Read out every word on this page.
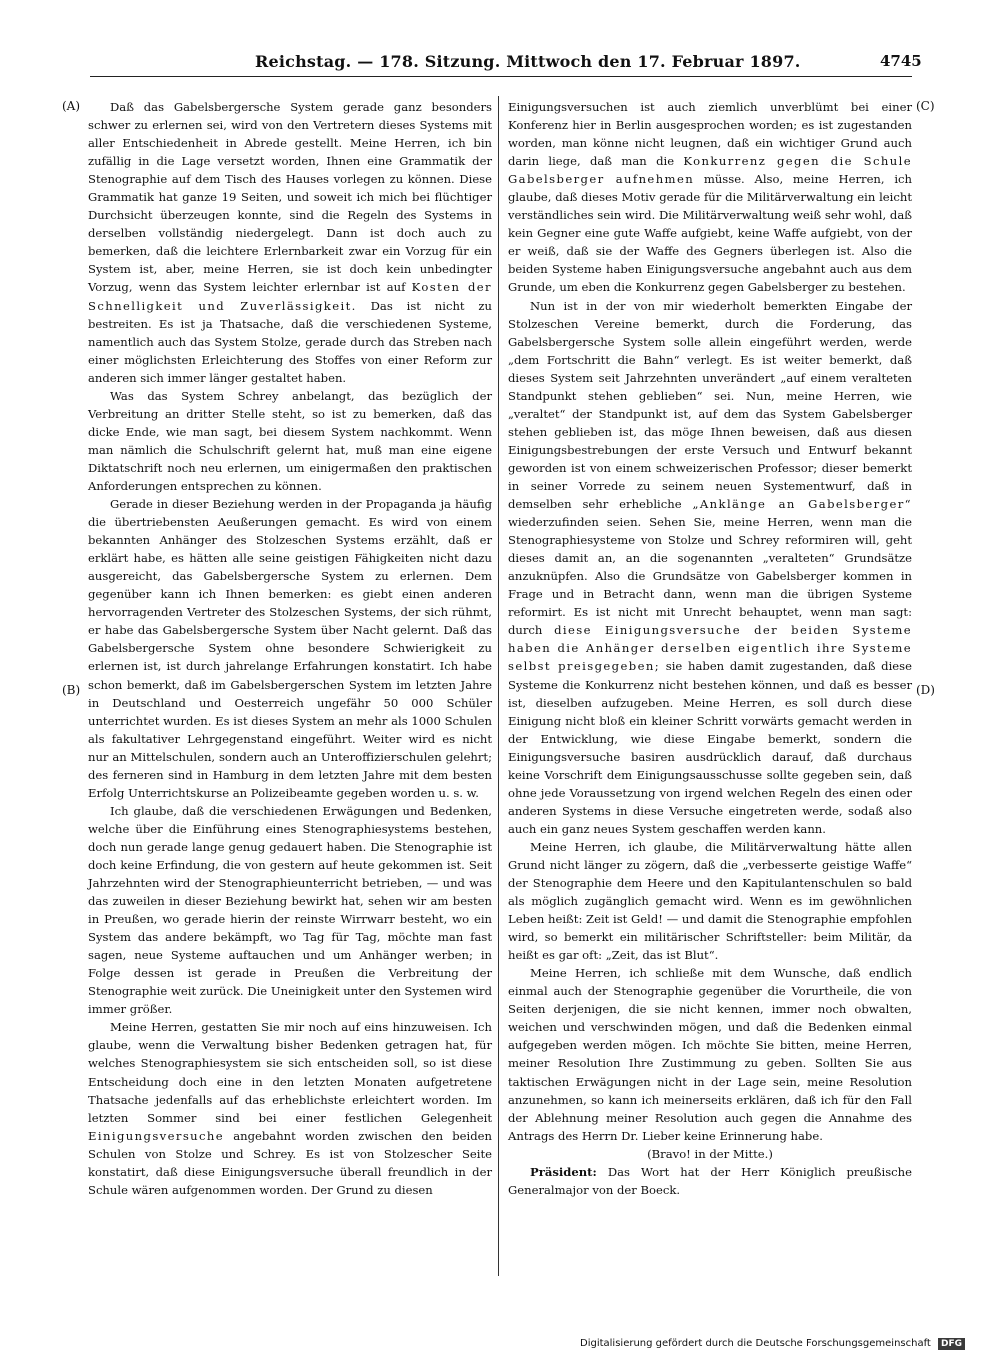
Reichstag. — 178. Sitzung. Mittwoch den 17. Februar 1897.	4745
(A)
(B)
(C)
(D)

Daß das Gabelsbergersche System gerade ganz besonders schwer zu erlernen sei, wird von den Vertretern dieses Systems mit aller Entschiedenheit in Abrede gestellt. Meine Herren, ich bin zufällig in die Lage versetzt worden, Ihnen eine Grammatik der Stenographie auf dem Tisch des Hauses vorlegen zu können. Diese Grammatik hat ganze 19 Seiten, und soweit ich mich bei flüchtiger Durchsicht überzeugen konnte, sind die Regeln des Systems in derselben vollständig niedergelegt. Dann ist doch auch zu bemerken, daß die leichtere Erlernbarkeit zwar ein Vorzug für ein System ist, aber, meine Herren, sie ist doch kein unbedingter Vorzug, wenn das System leichter erlernbar ist auf Kosten der Schnelligkeit und Zuverlässigkeit. Das ist nicht zu bestreiten. Es ist ja Thatsache, daß die verschiedenen Systeme, namentlich auch das System Stolze, gerade durch das Streben nach einer möglichsten Erleichterung des Stoffes von einer Reform zur anderen sich immer länger gestaltet haben.

Was das System Schrey anbelangt, das bezüglich der Verbreitung an dritter Stelle steht, so ist zu bemerken, daß das dicke Ende, wie man sagt, bei diesem System nachkommt. Wenn man nämlich die Schulschrift gelernt hat, muß man eine eigene Diktatschrift noch neu erlernen, um einigermaßen den praktischen Anforderungen entsprechen zu können.

Gerade in dieser Beziehung werden in der Propaganda ja häufig die übertriebensten Aeußerungen gemacht. Es wird von einem bekannten Anhänger des Stolzeschen Systems erzählt, daß er erklärt habe, es hätten alle seine geistigen Fähigkeiten nicht dazu ausgereicht, das Gabelsbergersche System zu erlernen. Dem gegenüber kann ich Ihnen bemerken: es giebt einen anderen hervorragenden Vertreter des Stolzeschen Systems, der sich rühmt, er habe das Gabelsbergersche System über Nacht gelernt. Daß das Gabelsbergersche System ohne besondere Schwierigkeit zu erlernen ist, ist durch jahrelange Erfahrungen konstatirt. Ich habe schon bemerkt, daß im Gabelsbergerschen System im letzten Jahre in Deutschland und Oesterreich ungefähr 50 000 Schüler unterrichtet wurden. Es ist dieses System an mehr als 1000 Schulen als fakultativer Lehrgegenstand eingeführt. Weiter wird es nicht nur an Mittelschulen, sondern auch an Unteroffizierschulen gelehrt; des ferneren sind in Hamburg in dem letzten Jahre mit dem besten Erfolg Unterrichtskurse an Polizeibeamte gegeben worden u. s. w.

Ich glaube, daß die verschiedenen Erwägungen und Bedenken, welche über die Einführung eines Stenographiesystems bestehen, doch nun gerade lange genug gedauert haben. Die Stenographie ist doch keine Erfindung, die von gestern auf heute gekommen ist. Seit Jahrzehnten wird der Stenographieunterricht betrieben, — und was das zuweilen in dieser Beziehung bewirkt hat, sehen wir am besten in Preußen, wo gerade hierin der reinste Wirrwarr besteht, wo ein System das andere bekämpft, wo Tag für Tag, möchte man fast sagen, neue Systeme auftauchen und um Anhänger werben; in Folge dessen ist gerade in Preußen die Verbreitung der Stenographie weit zurück. Die Uneinigkeit unter den Systemen wird immer größer.

Meine Herren, gestatten Sie mir noch auf eins hinzuweisen. Ich glaube, wenn die Verwaltung bisher Bedenken getragen hat, für welches Stenographiesystem sie sich entscheiden soll, so ist diese Entscheidung doch eine in den letzten Monaten aufgetretene Thatsache jedenfalls auf das erheblichste erleichtert worden. Im letzten Sommer sind bei einer festlichen Gelegenheit Einigungsversuche angebahnt worden zwischen den beiden Schulen von Stolze und Schrey. Es ist von Stolzescher Seite konstatirt, daß diese Einigungsversuche überall freundlich in der Schule wären aufgenommen worden. Der Grund zu diesen

Einigungsversuchen ist auch ziemlich unverblümt bei einer Konferenz hier in Berlin ausgesprochen worden; es ist zugestanden worden, man könne nicht leugnen, daß ein wichtiger Grund auch darin liege, daß man die Konkurrenz gegen die Schule Gabelsberger aufnehmen müsse. Also, meine Herren, ich glaube, daß dieses Motiv gerade für die Militärverwaltung ein leicht verständliches sein wird. Die Militärverwaltung weiß sehr wohl, daß kein Gegner eine gute Waffe aufgiebt, keine Waffe aufgiebt, von der er weiß, daß sie der Waffe des Gegners überlegen ist. Also die beiden Systeme haben Einigungsversuche angebahnt auch aus dem Grunde, um eben die Konkurrenz gegen Gabelsberger zu bestehen.

Nun ist in der von mir wiederholt bemerkten Eingabe der Stolzeschen Vereine bemerkt, durch die Forderung, das Gabelsbergersche System solle allein eingeführt werden, werde „dem Fortschritt die Bahn“ verlegt. Es ist weiter bemerkt, daß dieses System seit Jahrzehnten unverändert „auf einem veralteten Standpunkt stehen geblieben“ sei. Nun, meine Herren, wie „veraltet“ der Standpunkt ist, auf dem das System Gabelsberger stehen geblieben ist, das möge Ihnen beweisen, daß aus diesen Einigungsbestrebungen der erste Versuch und Entwurf bekannt geworden ist von einem schweizerischen Professor; dieser bemerkt in seiner Vorrede zu seinem neuen Systementwurf, daß in demselben sehr erhebliche „Anklänge an Gabelsberger“ wiederzufinden seien. Sehen Sie, meine Herren, wenn man die Stenographiesysteme von Stolze und Schrey reformiren will, geht dieses damit an, an die sogenannten „veralteten“ Grundsätze anzuknüpfen. Also die Grundsätze von Gabelsberger kommen in Frage und in Betracht dann, wenn man die übrigen Systeme reformirt. Es ist nicht mit Unrecht behauptet, wenn man sagt: durch diese Einigungsversuche der beiden Systeme haben die Anhänger derselben eigentlich ihre Systeme selbst preisgegeben; sie haben damit zugestanden, daß diese Systeme die Konkurrenz nicht bestehen können, und daß es besser ist, dieselben aufzugeben. Meine Herren, es soll durch diese Einigung nicht bloß ein kleiner Schritt vorwärts gemacht werden in der Entwicklung, wie diese Eingabe bemerkt, sondern die Einigungsversuche basiren ausdrücklich darauf, daß durchaus keine Vorschrift dem Einigungsausschusse sollte gegeben sein, daß ohne jede Voraussetzung von irgend welchen Regeln des einen oder anderen Systems in diese Versuche eingetreten werde, sodaß also auch ein ganz neues System geschaffen werden kann.

Meine Herren, ich glaube, die Militärverwaltung hätte allen Grund nicht länger zu zögern, daß die „verbesserte geistige Waffe“ der Stenographie dem Heere und den Kapitulantenschulen so bald als möglich zugänglich gemacht wird. Wenn es im gewöhnlichen Leben heißt: Zeit ist Geld! — und damit die Stenographie empfohlen wird, so bemerkt ein militärischer Schriftsteller: beim Militär, da heißt es gar oft: „Zeit, das ist Blut“.

Meine Herren, ich schließe mit dem Wunsche, daß endlich einmal auch der Stenographie gegenüber die Vorurtheile, die von Seiten derjenigen, die sie nicht kennen, immer noch obwalten, weichen und verschwinden mögen, und daß die Bedenken einmal aufgegeben werden mögen. Ich möchte Sie bitten, meine Herren, meiner Resolution Ihre Zustimmung zu geben. Sollten Sie aus taktischen Erwägungen nicht in der Lage sein, meine Resolution anzunehmen, so kann ich meinerseits erklären, daß ich für den Fall der Ablehnung meiner Resolution auch gegen die Annahme des Antrags des Herrn Dr. Lieber keine Erinnerung habe.

(Bravo! in der Mitte.)

Präsident: Das Wort hat der Herr Königlich preußische Generalmajor von der Boeck.

Digitalisierung gefördert durch die Deutsche Forschungsgemeinschaft DFG
